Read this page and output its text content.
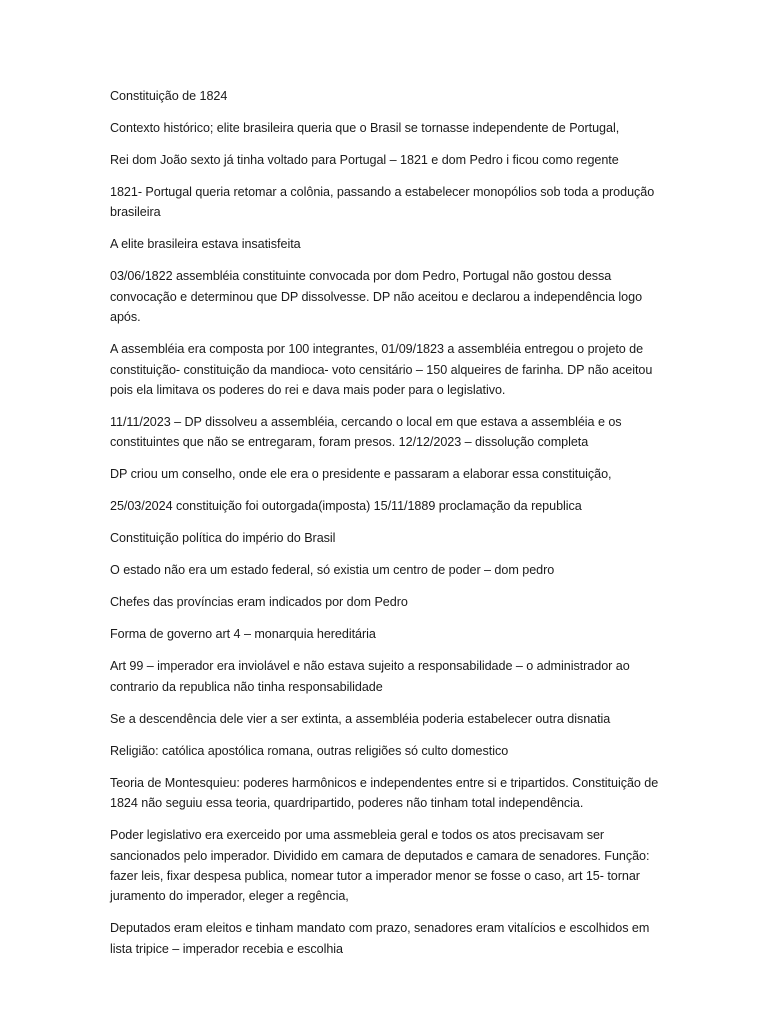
Constituição de 1824

Contexto histórico; elite brasileira queria que o Brasil se tornasse independente de Portugal,

Rei dom João sexto já tinha voltado para Portugal – 1821 e dom Pedro i ficou como regente

1821- Portugal queria retomar a colônia, passando a estabelecer monopólios sob toda a produção brasileira

A elite brasileira estava insatisfeita

03/06/1822 assembléia constituinte convocada por dom Pedro, Portugal não gostou dessa convocação e determinou que DP dissolvesse. DP não aceitou e declarou a independência logo após.

A assembléia era composta por 100 integrantes, 01/09/1823 a assembléia entregou o projeto de constituição- constituição da mandioca- voto censitário – 150 alqueires de farinha. DP não aceitou pois ela limitava os poderes do rei e dava mais poder para o legislativo.

11/11/2023 – DP dissolveu a assembléia, cercando o local em que estava a assembléia e os constituintes que não se entregaram, foram presos. 12/12/2023 – dissolução completa

DP criou um conselho, onde ele era o presidente e passaram a elaborar essa constituição,

25/03/2024 constituição foi outorgada(imposta) 15/11/1889 proclamação da republica

Constituição política do império do Brasil

O estado não era um estado federal, só existia um centro de poder – dom pedro

Chefes das províncias eram indicados por dom Pedro

Forma de governo art 4 – monarquia hereditária

Art 99 – imperador era inviolável e não estava sujeito a responsabilidade – o administrador ao contrario da republica não tinha responsabilidade

Se a descendência dele vier a ser extinta, a assembléia poderia estabelecer outra disnatia

Religião: católica apostólica romana, outras religiões só culto domestico

Teoria de Montesquieu: poderes harmônicos e independentes entre si e tripartidos. Constituição de 1824 não seguiu essa teoria, quardripartido, poderes não tinham total independência.

Poder legislativo era exerceido por uma assmebleia geral e todos os atos precisavam ser sancionados pelo imperador. Dividido em camara de deputados e camara de senadores. Função: fazer leis, fixar despesa publica, nomear tutor a imperador menor se fosse o caso, art 15- tornar juramento do imperador, eleger a regência,

Deputados eram eleitos e tinham mandato com prazo, senadores eram vitalícios e escolhidos em lista tripice – imperador recebia e escolhia
